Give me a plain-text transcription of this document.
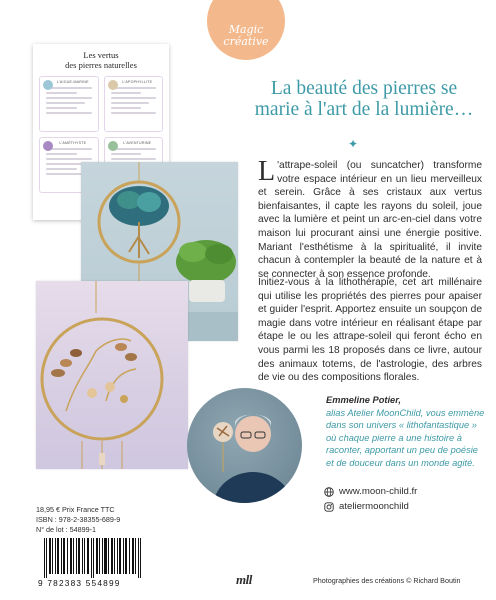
Magic
créative
Les vertus
des pierres naturelles
L'AIGUE-MARINE	L'APOPHYLLITE
L'AMÉTHYSTE	L'AVENTURINE
La beauté des pierres se marie à l'art de la lumière…
✦

L 'attrape-soleil (ou suncatcher) transforme votre espace intérieur en un lieu merveilleux et serein. Grâce à ses cristaux aux vertus bienfaisantes, il capte les rayons du soleil, joue avec la lumière et peint un arc-en-ciel dans votre maison lui procurant ainsi une énergie positive. Mariant l'esthétisme à la spiritualité, il invite chacun à contempler la beauté de la nature et à se connecter à son essence profonde.

Initiez-vous à la lithothérapie, cet art millénaire qui utilise les propriétés des pierres pour apaiser et guider l'esprit. Apportez ensuite un soupçon de magie dans votre intérieur en réalisant étape par étape le ou les attrape-soleil qui feront écho en vous parmi les 18 proposés dans ce livre, autour des animaux totems, de l'astrologie, des arbres de vie ou des compositions florales.

Emmeline Potier,
alias Atelier MoonChild, vous emmène dans son univers « lithofantastique » où chaque pierre a une histoire à raconter, apportant un peu de poésie et de douceur dans un monde agité.

www.moon-child.fr
ateliermoonchild
18,95 € Prix France TTC
ISBN : 978-2-38355-689-9
N° de lot : 54899-1
9 782383 554899	mll	Photographies des créations © Richard Boutin
